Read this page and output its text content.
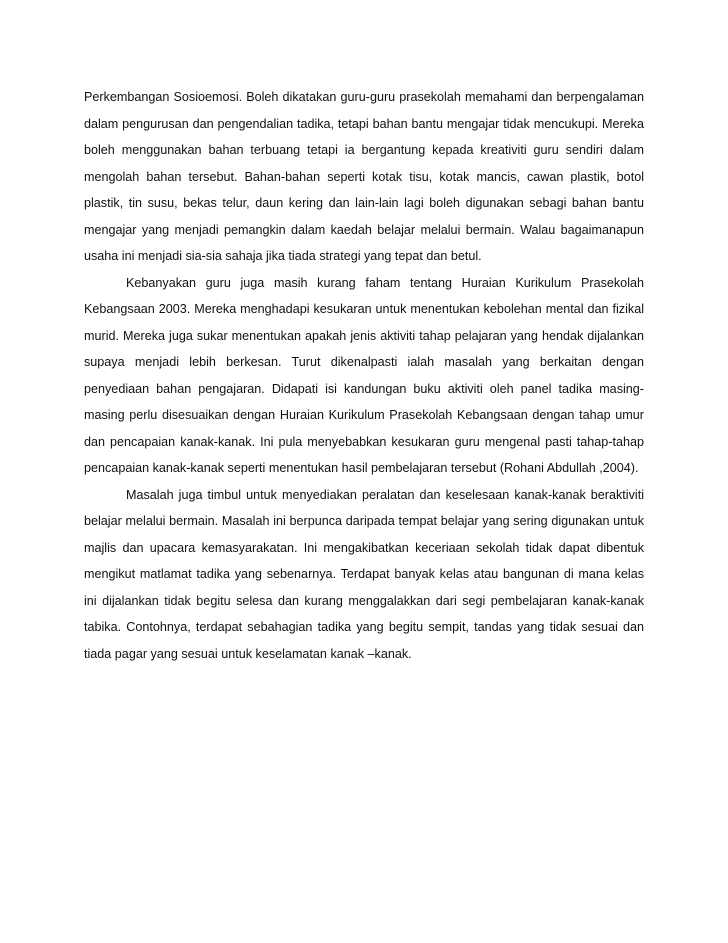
Perkembangan Sosioemosi. Boleh dikatakan guru-guru prasekolah memahami dan berpengalaman dalam pengurusan dan pengendalian tadika, tetapi bahan bantu mengajar tidak mencukupi. Mereka boleh menggunakan bahan terbuang tetapi ia bergantung kepada kreativiti guru sendiri dalam mengolah bahan tersebut. Bahan-bahan seperti kotak tisu, kotak mancis, cawan plastik, botol plastik, tin susu, bekas telur, daun kering dan lain-lain lagi boleh digunakan sebagi bahan bantu mengajar yang menjadi pemangkin dalam kaedah belajar melalui bermain. Walau bagaimanapun usaha ini menjadi sia-sia sahaja jika tiada strategi yang tepat dan betul.

Kebanyakan guru juga masih kurang faham tentang Huraian Kurikulum Prasekolah Kebangsaan 2003. Mereka menghadapi kesukaran untuk menentukan kebolehan mental dan fizikal murid. Mereka juga sukar menentukan apakah jenis aktiviti tahap pelajaran yang hendak dijalankan supaya menjadi lebih berkesan. Turut dikenalpasti ialah masalah yang berkaitan dengan penyediaan bahan pengajaran. Didapati isi kandungan buku aktiviti oleh panel tadika masing-masing perlu disesuaikan dengan Huraian Kurikulum Prasekolah Kebangsaan dengan tahap umur dan pencapaian kanak-kanak. Ini pula menyebabkan kesukaran guru mengenal pasti tahap-tahap pencapaian kanak-kanak seperti menentukan hasil pembelajaran tersebut (Rohani Abdullah ,2004).

Masalah juga timbul untuk menyediakan peralatan dan keselesaan kanak-kanak beraktiviti belajar melalui bermain. Masalah ini berpunca daripada tempat belajar yang sering digunakan untuk majlis dan upacara kemasyarakatan. Ini mengakibatkan keceriaan sekolah tidak dapat dibentuk mengikut matlamat tadika yang sebenarnya. Terdapat banyak kelas atau bangunan di mana kelas ini dijalankan tidak begitu selesa dan kurang menggalakkan dari segi pembelajaran kanak-kanak tabika. Contohnya, terdapat sebahagian tadika yang begitu sempit, tandas yang tidak sesuai dan tiada pagar yang sesuai untuk keselamatan kanak –kanak.
